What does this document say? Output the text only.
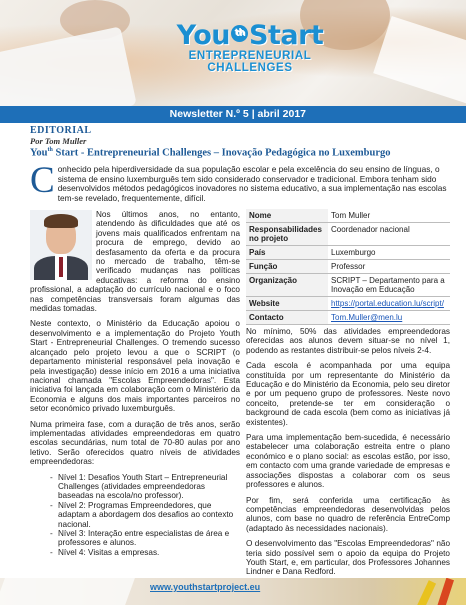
You th Start
ENTREPRENEURIAL
CHALLENGES
Newsletter N.º 5 | abril 2017
EDITORIAL
Por Tom Muller
You$^{th}$ Start - Entrepreneurial Challenges – Inovação Pedagógica no Luxemburgo
Conhecido pela hiperdiversidade da sua população escolar e pela excelência do seu ensino de línguas, o sistema de ensino luxemburguês tem sido considerado conservador e tradicional. Embora tenham sido desenvolvidos métodos pedagógicos inovadores no sistema educativo, a sua implementação nas escolas tem-se revelado, frequentemente, difícil.

Nos últimos anos, no entanto, atendendo às dificuldades que até os jovens mais qualificados enfrentam na procura de emprego, devido ao desfasamento da oferta e da procura no mercado de trabalho, têm-se verificado mudanças nas políticas educativas: a reforma do ensino profissional, a adaptação do currículo nacional e o foco nas competências transversais foram algumas das medidas tomadas.

Neste contexto, o Ministério da Educação apoiou o desenvolvimento e a implementação do Projeto Youth Start - Entrepreneurial Challenges. O tremendo sucesso alcançado pelo projeto levou a que o SCRIPT (o departamento ministerial responsável pela inovação e pela investigação) desse início em 2016 a uma iniciativa nacional chamada "Escolas Empreendedoras". Esta iniciativa foi lançada em colaboração com o Ministério da Economia e alguns dos mais importantes parceiros no setor económico privado luxemburguês.

Numa primeira fase, com a duração de três anos, serão implementadas atividades empreendedoras em quatro escolas secundárias, num total de 70-80 aulas por ano letivo. Serão oferecidos quatro níveis de atividades empreendedoras:

- Nível 1: Desafios Youth Start – Entrepreneurial Challenges (atividades empreendedoras baseadas na escola/no professor).
- Nível 2: Programas Empreendedores, que adaptam a abordagem dos desafios ao contexto nacional.
- Nível 3: Interação entre especialistas de área e professores e alunos.
- Nível 4: Visitas a empresas.
Nome	Tom Muller
Responsabilidades no projeto	Coordenador nacional
País	Luxemburgo
Função	Professor
Organização	SCRIPT – Departamento para a Inovação em Educação
Website	https://portal.education.lu/script/
Contacto	Tom.Muller@men.lu

No mínimo, 50% das atividades empreendedoras oferecidas aos alunos devem situar-se no nível 1, podendo as restantes distribuir-se pelos níveis 2-4.

Cada escola é acompanhada por uma equipa constituída por um representante do Ministério da Educação e do Ministério da Economia, pelo seu diretor e por um pequeno grupo de professores. Neste novo conceito, pretende-se ter em consideração o background de cada escola (bem como as iniciativas já existentes).

Para uma implementação bem-sucedida, é necessário estabelecer uma colaboração estreita entre o plano económico e o plano social: as escolas estão, por isso, em contacto com uma grande variedade de empresas e associações dispostas a colaborar com os seus professores e alunos.

Por fim, será conferida uma certificação às competências empreendedoras desenvolvidas pelos alunos, com base no quadro de referência EntreComp (adaptado às necessidades nacionais).

O desenvolvimento das "Escolas Empreendedoras" não teria sido possível sem o apoio da equipa do Projeto Youth Start, e, em particular, dos Professores Johannes Lindner e Dana Redford.

www.youthstartproject.eu
